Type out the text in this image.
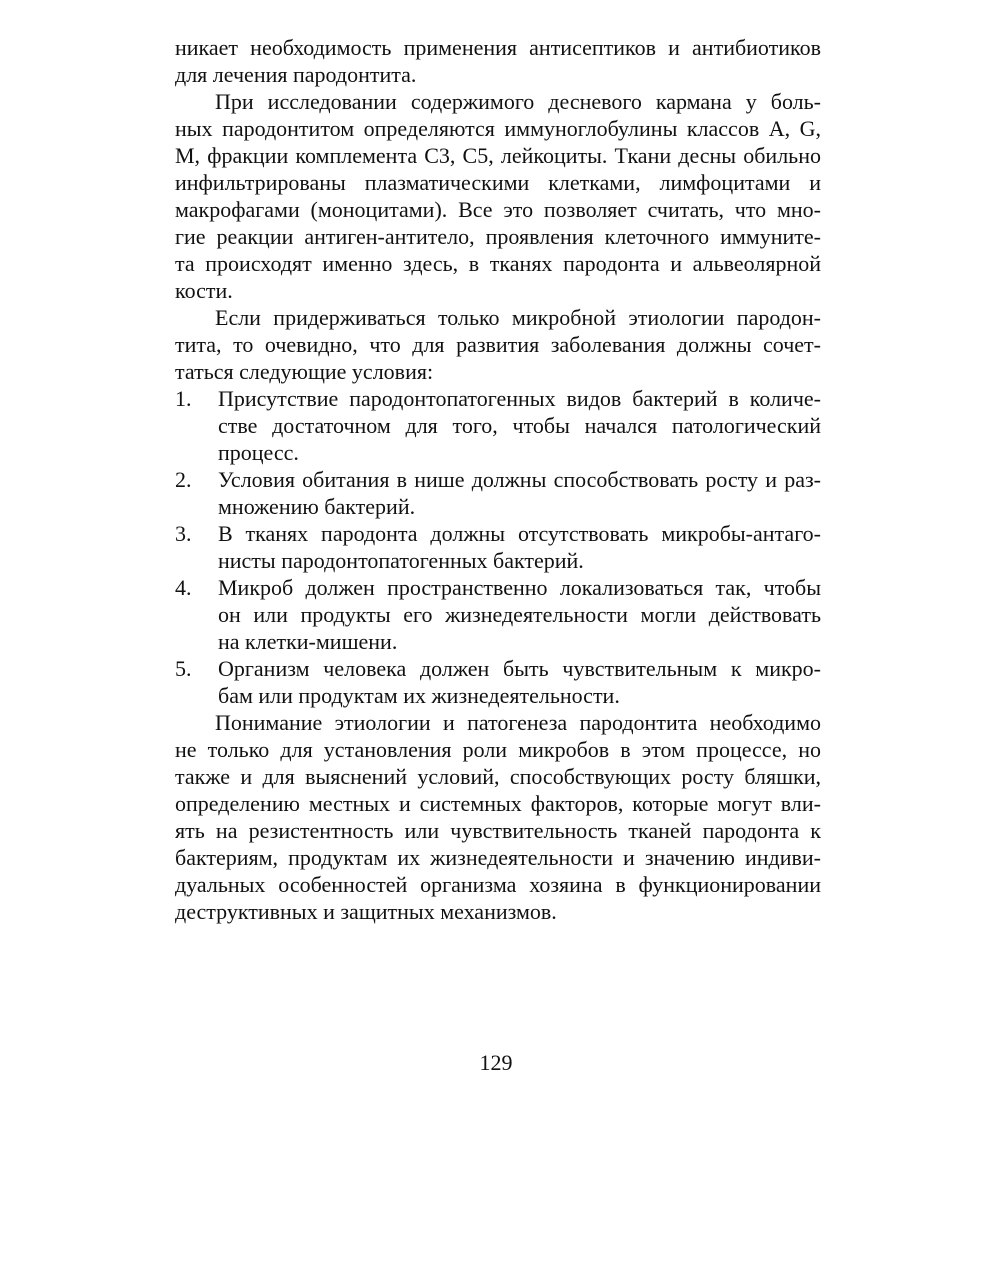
никает необходимость применения антисептиков и антибиотиков
для лечения пародонтита.
При исследовании содержимого десневого кармана у боль-
ных пародонтитом определяются иммуноглобулины классов А, G,
М, фракции комплемента С3, С5, лейкоциты. Ткани десны обильно
инфильтрированы плазматическими клетками, лимфоцитами и
макрофагами (моноцитами). Все это позволяет считать, что мно-
гие реакции антиген-антитело, проявления клеточного иммуните-
та происходят именно здесь, в тканях пародонта и альвеолярной
кости.
Если придерживаться только микробной этиологии пародон-
тита, то очевидно, что для развития заболевания должны сочет-
таться следующие условия:
1. Присутствие пародонтопатогенных видов бактерий в количе-
стве достаточном для того, чтобы начался патологический
процесс.
2. Условия обитания в нише должны способствовать росту и раз-
множению бактерий.
3. В тканях пародонта должны отсутствовать микробы-антаго-
нисты пародонтопатогенных бактерий.
4. Микроб должен пространственно локализоваться так, чтобы
он или продукты его жизнедеятельности могли действовать
на клетки-мишени.
5. Организм человека должен быть чувствительным к микро-
бам или продуктам их жизнедеятельности.
Понимание этиологии и патогенеза пародонтита необходимо
не только для установления роли микробов в этом процессе, но
также и для выяснений условий, способствующих росту бляшки,
определению местных и системных факторов, которые могут вли-
ять на резистентность или чувствительность тканей пародонта к
бактериям, продуктам их жизнедеятельности и значению индиви-
дуальных особенностей организма хозяина в функционировании
деструктивных и защитных механизмов.
129
